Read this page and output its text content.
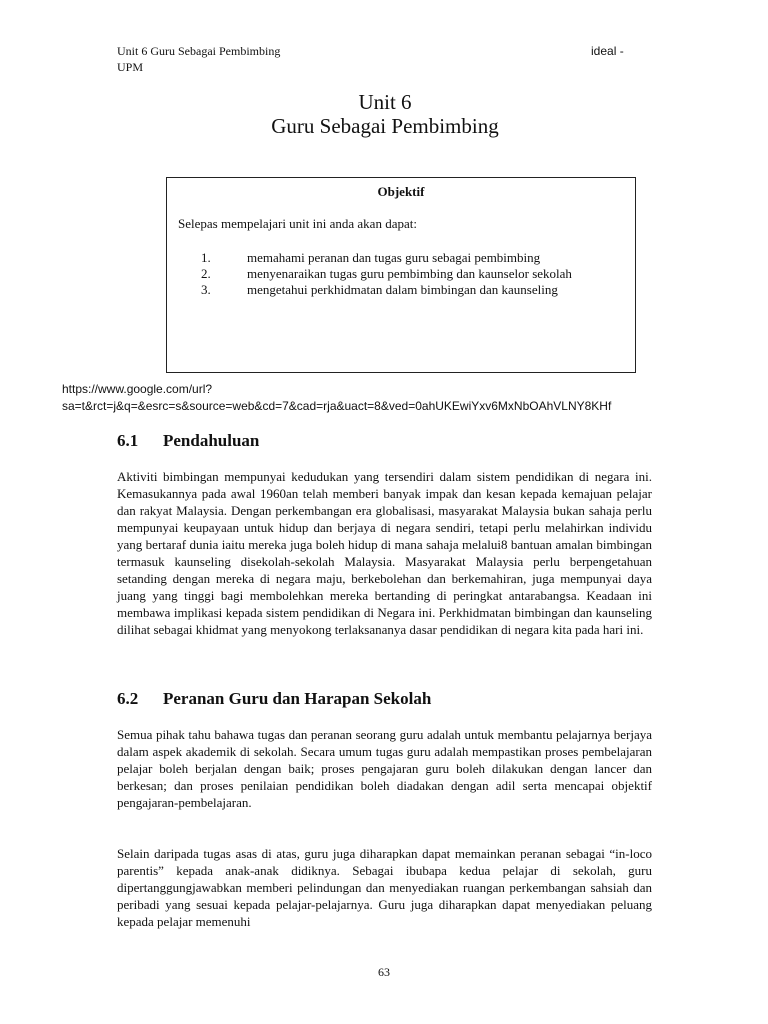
Unit 6 Guru Sebagai Pembimbing
UPM
ideal -
Unit 6
Guru Sebagai Pembimbing
Objektif
Selepas mempelajari unit ini anda akan dapat:
1.	memahami peranan dan tugas guru sebagai pembimbing
2.	menyenaraikan tugas guru pembimbing dan kaunselor sekolah
3.	mengetahui perkhidmatan dalam bimbingan dan kaunseling
https://www.google.com/url?
sa=t&rct=j&q=&esrc=s&source=web&cd=7&cad=rja&uact=8&ved=0ahUKEwiYxv6MxNbOAhVLNY8KHf
6.1 Pendahuluan
Aktiviti bimbingan mempunyai kedudukan yang tersendiri dalam sistem pendidikan di negara ini. Kemasukannya pada awal 1960an telah memberi banyak impak dan kesan kepada kemajuan pelajar dan rakyat Malaysia. Dengan perkembangan era globalisasi, masyarakat Malaysia bukan sahaja perlu mempunyai keupayaan untuk hidup dan berjaya di negara sendiri, tetapi perlu melahirkan individu yang bertaraf dunia iaitu mereka juga boleh hidup di mana sahaja melalui8 bantuan amalan bimbingan termasuk kaunseling disekolah-sekolah Malaysia. Masyarakat Malaysia perlu berpengetahuan setanding dengan mereka di negara maju, berkebolehan dan berkemahiran, juga mempunyai daya juang yang tinggi bagi membolehkan mereka bertanding di peringkat antarabangsa. Keadaan ini membawa implikasi kepada sistem pendidikan di Negara ini. Perkhidmatan bimbingan dan kaunseling dilihat sebagai khidmat yang menyokong terlaksananya dasar pendidikan di negara kita pada hari ini.
6.2 Peranan Guru dan Harapan Sekolah
Semua pihak tahu bahawa tugas dan peranan seorang guru adalah untuk membantu pelajarnya berjaya dalam aspek akademik di sekolah. Secara umum tugas guru adalah mempastikan proses pembelajaran pelajar boleh berjalan dengan baik; proses pengajaran guru boleh dilakukan dengan lancer dan berkesan; dan proses penilaian pendidikan boleh diadakan dengan adil serta mencapai objektif pengajaran-pembelajaran.
Selain daripada tugas asas di atas, guru juga diharapkan dapat memainkan peranan sebagai “in-loco parentis” kepada anak-anak didiknya. Sebagai ibubapa kedua pelajar di sekolah, guru dipertanggungjawabkan memberi pelindungan dan menyediakan ruangan perkembangan sahsiah dan peribadi yang sesuai kepada pelajar-pelajarnya. Guru juga diharapkan dapat menyediakan peluang kepada pelajar memenuhi
63
